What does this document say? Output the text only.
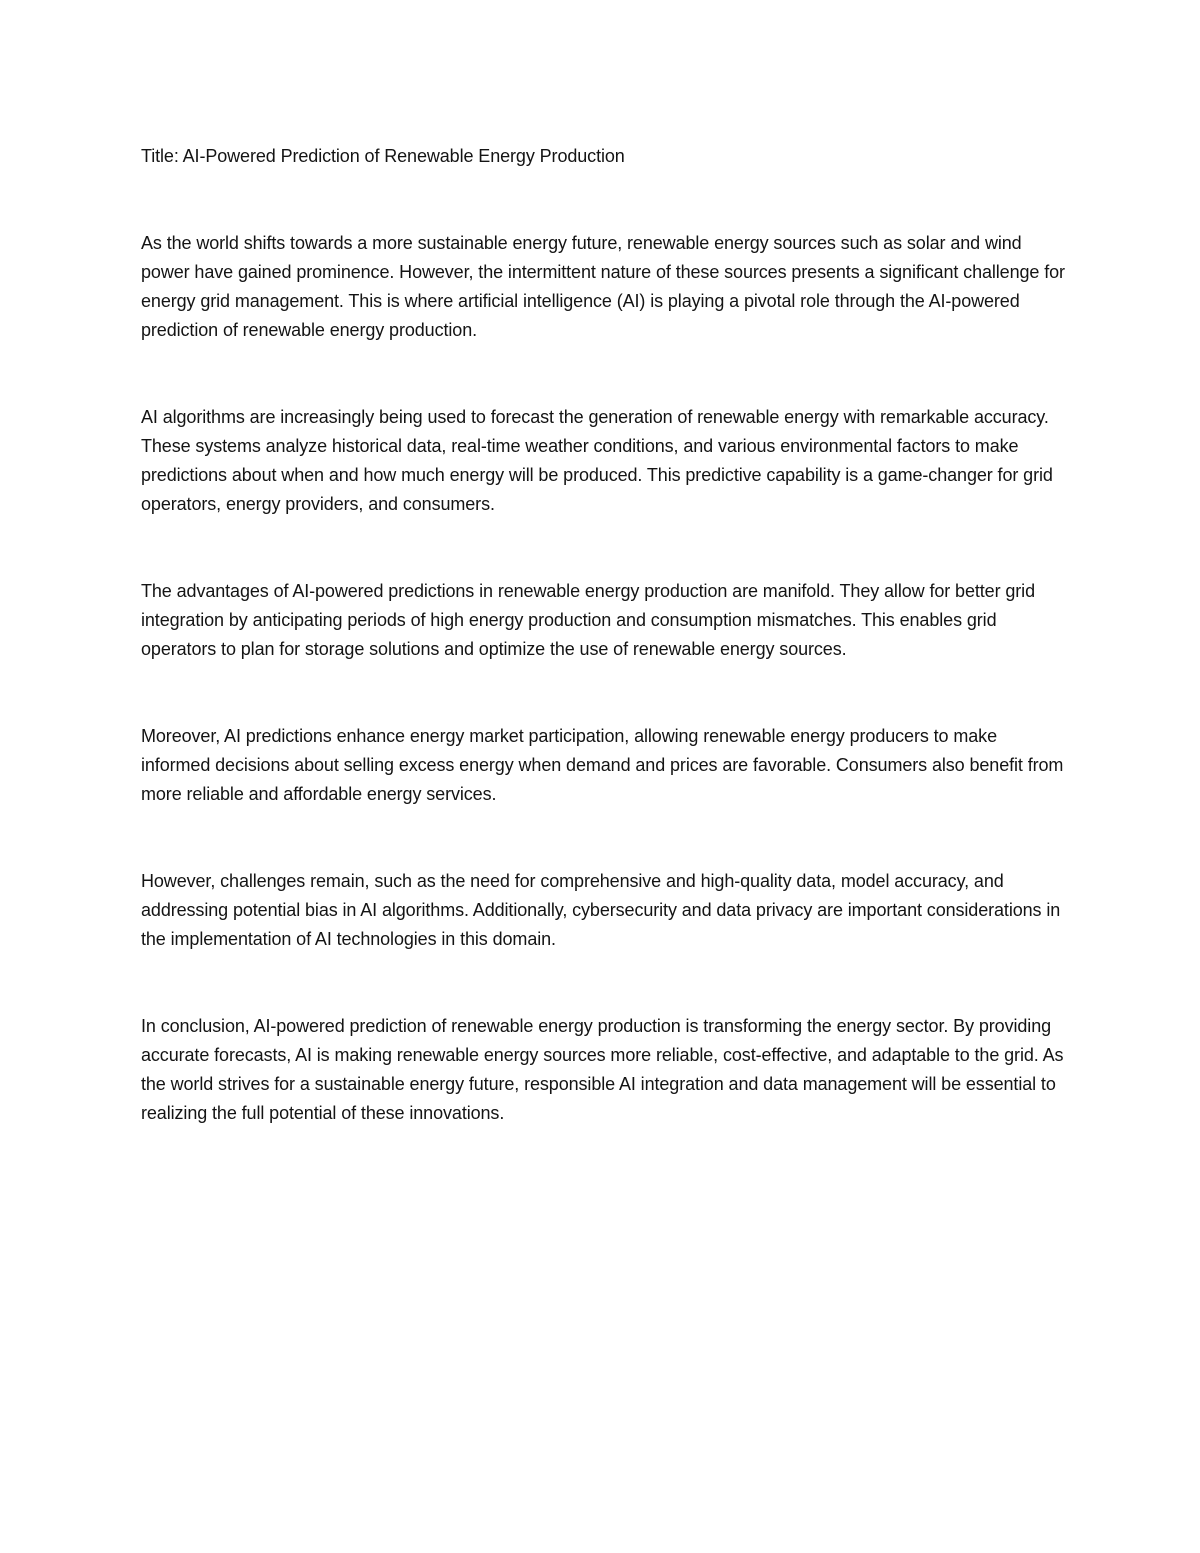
Title: AI-Powered Prediction of Renewable Energy Production

As the world shifts towards a more sustainable energy future, renewable energy sources such as solar and wind power have gained prominence. However, the intermittent nature of these sources presents a significant challenge for energy grid management. This is where artificial intelligence (AI) is playing a pivotal role through the AI-powered prediction of renewable energy production.

AI algorithms are increasingly being used to forecast the generation of renewable energy with remarkable accuracy. These systems analyze historical data, real-time weather conditions, and various environmental factors to make predictions about when and how much energy will be produced. This predictive capability is a game-changer for grid operators, energy providers, and consumers.

The advantages of AI-powered predictions in renewable energy production are manifold. They allow for better grid integration by anticipating periods of high energy production and consumption mismatches. This enables grid operators to plan for storage solutions and optimize the use of renewable energy sources.

Moreover, AI predictions enhance energy market participation, allowing renewable energy producers to make informed decisions about selling excess energy when demand and prices are favorable. Consumers also benefit from more reliable and affordable energy services.

However, challenges remain, such as the need for comprehensive and high-quality data, model accuracy, and addressing potential bias in AI algorithms. Additionally, cybersecurity and data privacy are important considerations in the implementation of AI technologies in this domain.

In conclusion, AI-powered prediction of renewable energy production is transforming the energy sector. By providing accurate forecasts, AI is making renewable energy sources more reliable, cost-effective, and adaptable to the grid. As the world strives for a sustainable energy future, responsible AI integration and data management will be essential to realizing the full potential of these innovations.
